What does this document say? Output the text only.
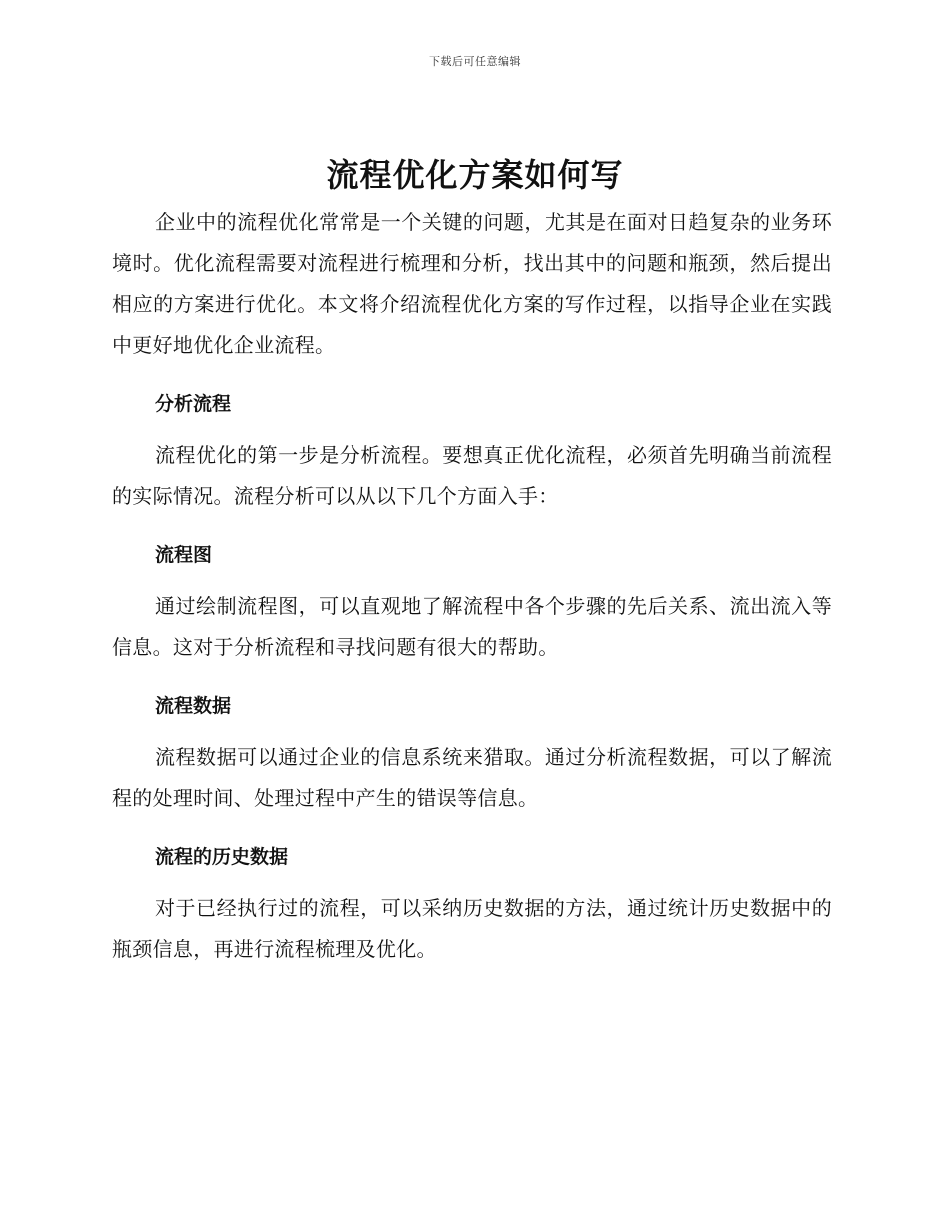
下载后可任意编辑
流程优化方案如何写

企业中的流程优化常常是一个关键的问题，尤其是在面对日趋复杂的业务环境时。优化流程需要对流程进行梳理和分析，找出其中的问题和瓶颈，然后提出相应的方案进行优化。本文将介绍流程优化方案的写作过程，以指导企业在实践中更好地优化企业流程。

分析流程

流程优化的第一步是分析流程。要想真正优化流程，必须首先明确当前流程的实际情况。流程分析可以从以下几个方面入手：

流程图

通过绘制流程图，可以直观地了解流程中各个步骤的先后关系、流出流入等信息。这对于分析流程和寻找问题有很大的帮助。

流程数据

流程数据可以通过企业的信息系统来猎取。通过分析流程数据，可以了解流程的处理时间、处理过程中产生的错误等信息。

流程的历史数据

对于已经执行过的流程，可以采纳历史数据的方法，通过统计历史数据中的瓶颈信息，再进行流程梳理及优化。
